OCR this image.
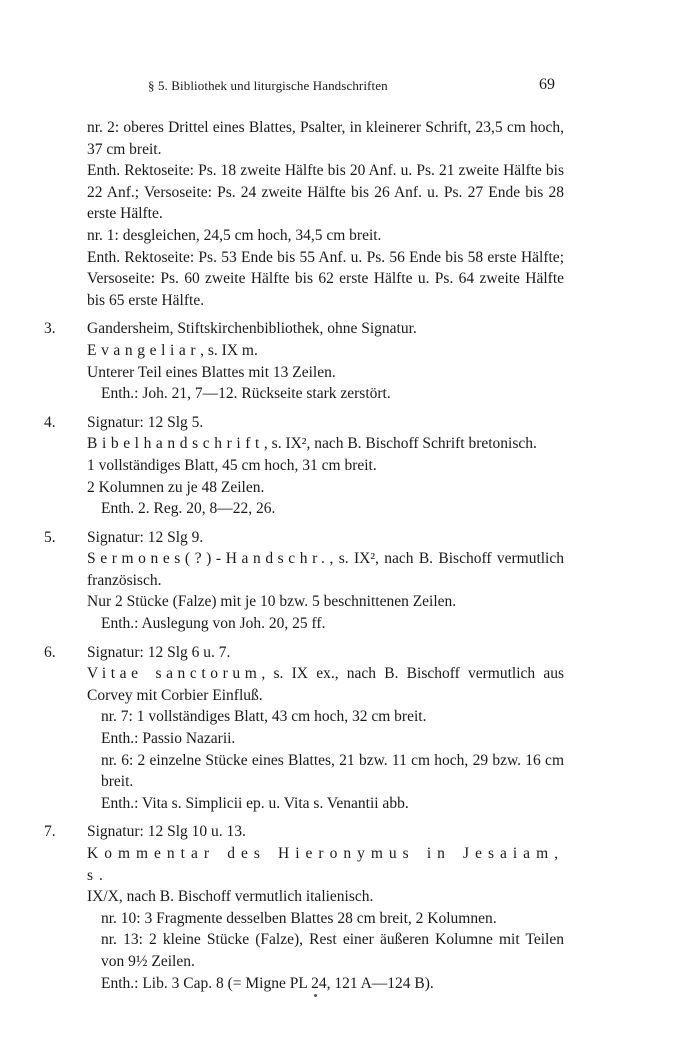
§ 5. Bibliothek und liturgische Handschriften	69
nr. 2: oberes Drittel eines Blattes, Psalter, in kleinerer Schrift, 23,5 cm hoch, 37 cm breit.
Enth. Rektoseite: Ps. 18 zweite Hälfte bis 20 Anf. u. Ps. 21 zweite Hälfte bis 22 Anf.; Versoseite: Ps. 24 zweite Hälfte bis 26 Anf. u. Ps. 27 Ende bis 28 erste Hälfte.
nr. 1: desgleichen, 24,5 cm hoch, 34,5 cm breit.
Enth. Rektoseite: Ps. 53 Ende bis 55 Anf. u. Ps. 56 Ende bis 58 erste Hälfte; Versoseite: Ps. 60 zweite Hälfte bis 62 erste Hälfte u. Ps. 64 zweite Hälfte bis 65 erste Hälfte.
3.	Gandersheim, Stiftskirchenbibliothek, ohne Signatur.
Evangeliar, s. IX m.
Unterer Teil eines Blattes mit 13 Zeilen.
Enth.: Joh. 21, 7—12. Rückseite stark zerstört.
4.	Signatur: 12 Slg 5.
Bibelhandschrift, s. IX², nach B. Bischoff Schrift bretonisch.
1 vollständiges Blatt, 45 cm hoch, 31 cm breit.
2 Kolumnen zu je 48 Zeilen.
Enth. 2. Reg. 20, 8—22, 26.
5.	Signatur: 12 Slg 9.
Sermones(?)-Handschr., s. IX², nach B. Bischoff vermutlich französisch.
Nur 2 Stücke (Falze) mit je 10 bzw. 5 beschnittenen Zeilen.
Enth.: Auslegung von Joh. 20, 25 ff.
6.	Signatur: 12 Slg 6 u. 7.
Vitae sanctorum, s. IX ex., nach B. Bischoff vermutlich aus Corvey mit Corbier Einfluß.
nr. 7: 1 vollständiges Blatt, 43 cm hoch, 32 cm breit.
Enth.: Passio Nazarii.
nr. 6: 2 einzelne Stücke eines Blattes, 21 bzw. 11 cm hoch, 29 bzw. 16 cm breit.
Enth.: Vita s. Simplicii ep. u. Vita s. Venantii abb.
7.	Signatur: 12 Slg 10 u. 13.
Kommentar des Hieronymus in Jesaiam, s.
IX/X, nach B. Bischoff vermutlich italienisch.
nr. 10: 3 Fragmente desselben Blattes 28 cm breit, 2 Kolumnen.
nr. 13: 2 kleine Stücke (Falze), Rest einer äußeren Kolumne mit Teilen von 9½ Zeilen.
Enth.: Lib. 3 Cap. 8 (= Migne PL 24, 121 A—124 B).
